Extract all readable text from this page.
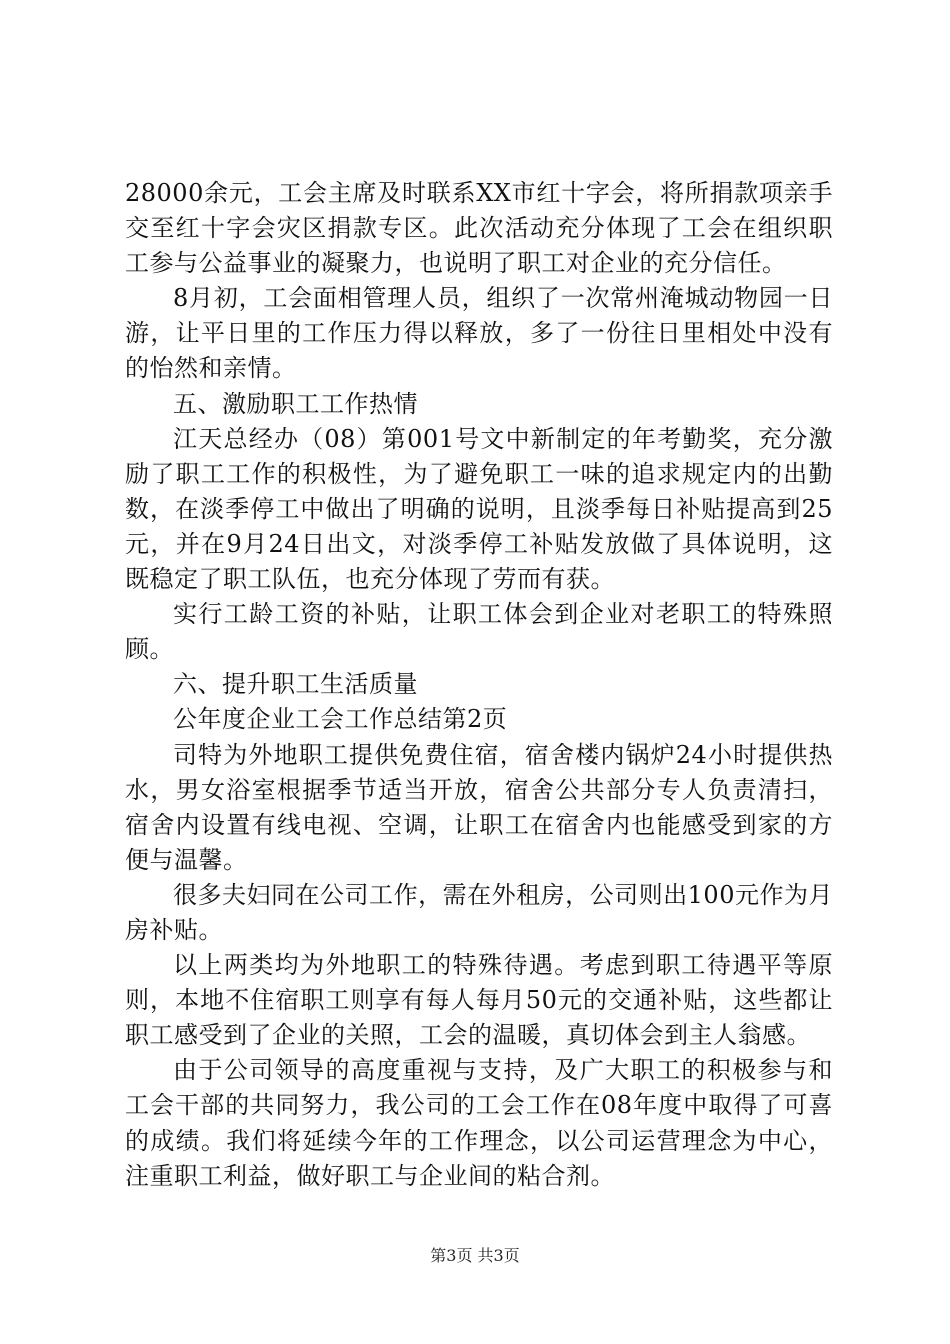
28000余元，工会主席及时联系XX市红十字会，将所捐款项亲手交至红十字会灾区捐款专区。此次活动充分体现了工会在组织职工参与公益事业的凝聚力，也说明了职工对企业的充分信任。

8月初，工会面相管理人员，组织了一次常州淹城动物园一日游，让平日里的工作压力得以释放，多了一份往日里相处中没有的怡然和亲情。

五、激励职工工作热情

江天总经办（08）第001号文中新制定的年考勤奖，充分激励了职工工作的积极性，为了避免职工一味的追求规定内的出勤数，在淡季停工中做出了明确的说明，且淡季每日补贴提高到25元，并在9月24日出文，对淡季停工补贴发放做了具体说明，这既稳定了职工队伍，也充分体现了劳而有获。

实行工龄工资的补贴，让职工体会到企业对老职工的特殊照顾。

六、提升职工生活质量

公年度企业工会工作总结第2页

司特为外地职工提供免费住宿，宿舍楼内锅炉24小时提供热水，男女浴室根据季节适当开放，宿舍公共部分专人负责清扫，宿舍内设置有线电视、空调，让职工在宿舍内也能感受到家的方便与温馨。

很多夫妇同在公司工作，需在外租房，公司则出100元作为月房补贴。

以上两类均为外地职工的特殊待遇。考虑到职工待遇平等原则，本地不住宿职工则享有每人每月50元的交通补贴，这些都让职工感受到了企业的关照，工会的温暖，真切体会到主人翁感。

由于公司领导的高度重视与支持，及广大职工的积极参与和工会干部的共同努力，我公司的工会工作在08年度中取得了可喜的成绩。我们将延续今年的工作理念，以公司运营理念为中心，注重职工利益，做好职工与企业间的粘合剂。

第3页 共3页
